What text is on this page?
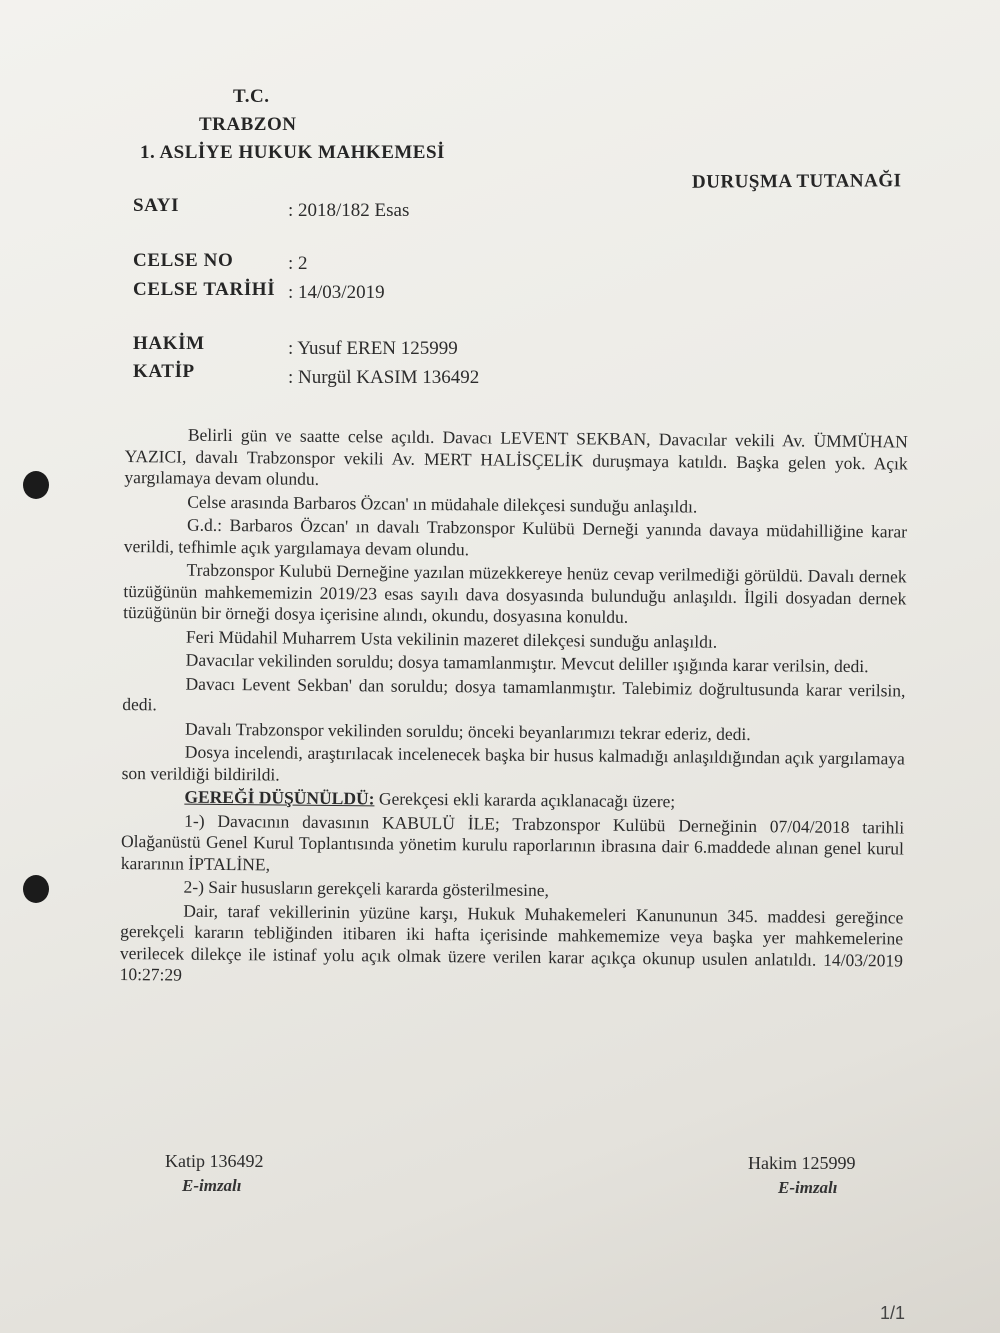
T.C.
TRABZON
1. ASLİYE HUKUK MAHKEMESİ
DURUŞMA TUTANAĞI
SAYI	: 2018/182 Esas
CELSE NO	: 2
CELSE TARİHİ : 14/03/2019
HAKİM	: Yusuf EREN 125999
KATİP	: Nurgül KASIM 136492

Belirli gün ve saatte celse açıldı. Davacı LEVENT SEKBAN, Davacılar vekili Av. ÜMMÜHAN YAZICI, davalı Trabzonspor vekili Av. MERT HALİSÇELİK duruşmaya katıldı. Başka gelen yok. Açık yargılamaya devam olundu.

Celse arasında Barbaros Özcan' ın müdahale dilekçesi sunduğu anlaşıldı.

G.d.: Barbaros Özcan' ın davalı Trabzonspor Kulübü Derneği yanında davaya müdahilliğine karar verildi, tefhimle açık yargılamaya devam olundu.

Trabzonspor Kulubü Derneğine yazılan müzekkereye henüz cevap verilmediği görüldü. Davalı dernek tüzüğünün mahkememizin 2019/23 esas sayılı dava dosyasında bulunduğu anlaşıldı. İlgili dosyadan dernek tüzüğünün bir örneği dosya içerisine alındı, okundu, dosyasına konuldu.

Feri Müdahil Muharrem Usta vekilinin mazeret dilekçesi sunduğu anlaşıldı.

Davacılar vekilinden soruldu; dosya tamamlanmıştır. Mevcut deliller ışığında karar verilsin, dedi.

Davacı Levent Sekban' dan soruldu; dosya tamamlanmıştır. Talebimiz doğrultusunda karar verilsin, dedi.

Davalı Trabzonspor vekilinden soruldu; önceki beyanlarımızı tekrar ederiz, dedi.

Dosya incelendi, araştırılacak incelenecek başka bir husus kalmadığı anlaşıldığından açık yargılamaya son verildiği bildirildi.

GEREĞİ DÜŞÜNÜLDÜ: Gerekçesi ekli kararda açıklanacağı üzere;

1-) Davacının davasının KABULÜ İLE; Trabzonspor Kulübü Derneğinin 07/04/2018 tarihli Olağanüstü Genel Kurul Toplantısında yönetim kurulu raporlarının ibrasına dair 6.maddede alınan genel kurul kararının İPTALİNE,

2-) Sair hususların gerekçeli kararda gösterilmesine,

Dair, taraf vekillerinin yüzüne karşı, Hukuk Muhakemeleri Kanununun 345. maddesi gereğince gerekçeli kararın tebliğinden itibaren iki hafta içerisinde mahkememize veya başka yer mahkemelerine verilecek dilekçe ile istinaf yolu açık olmak üzere verilen karar açıkça okunup usulen anlatıldı. 14/03/2019 10:27:29

Katip 136492
E-imzalı
Hakim 125999
E-imzalı
1/1
